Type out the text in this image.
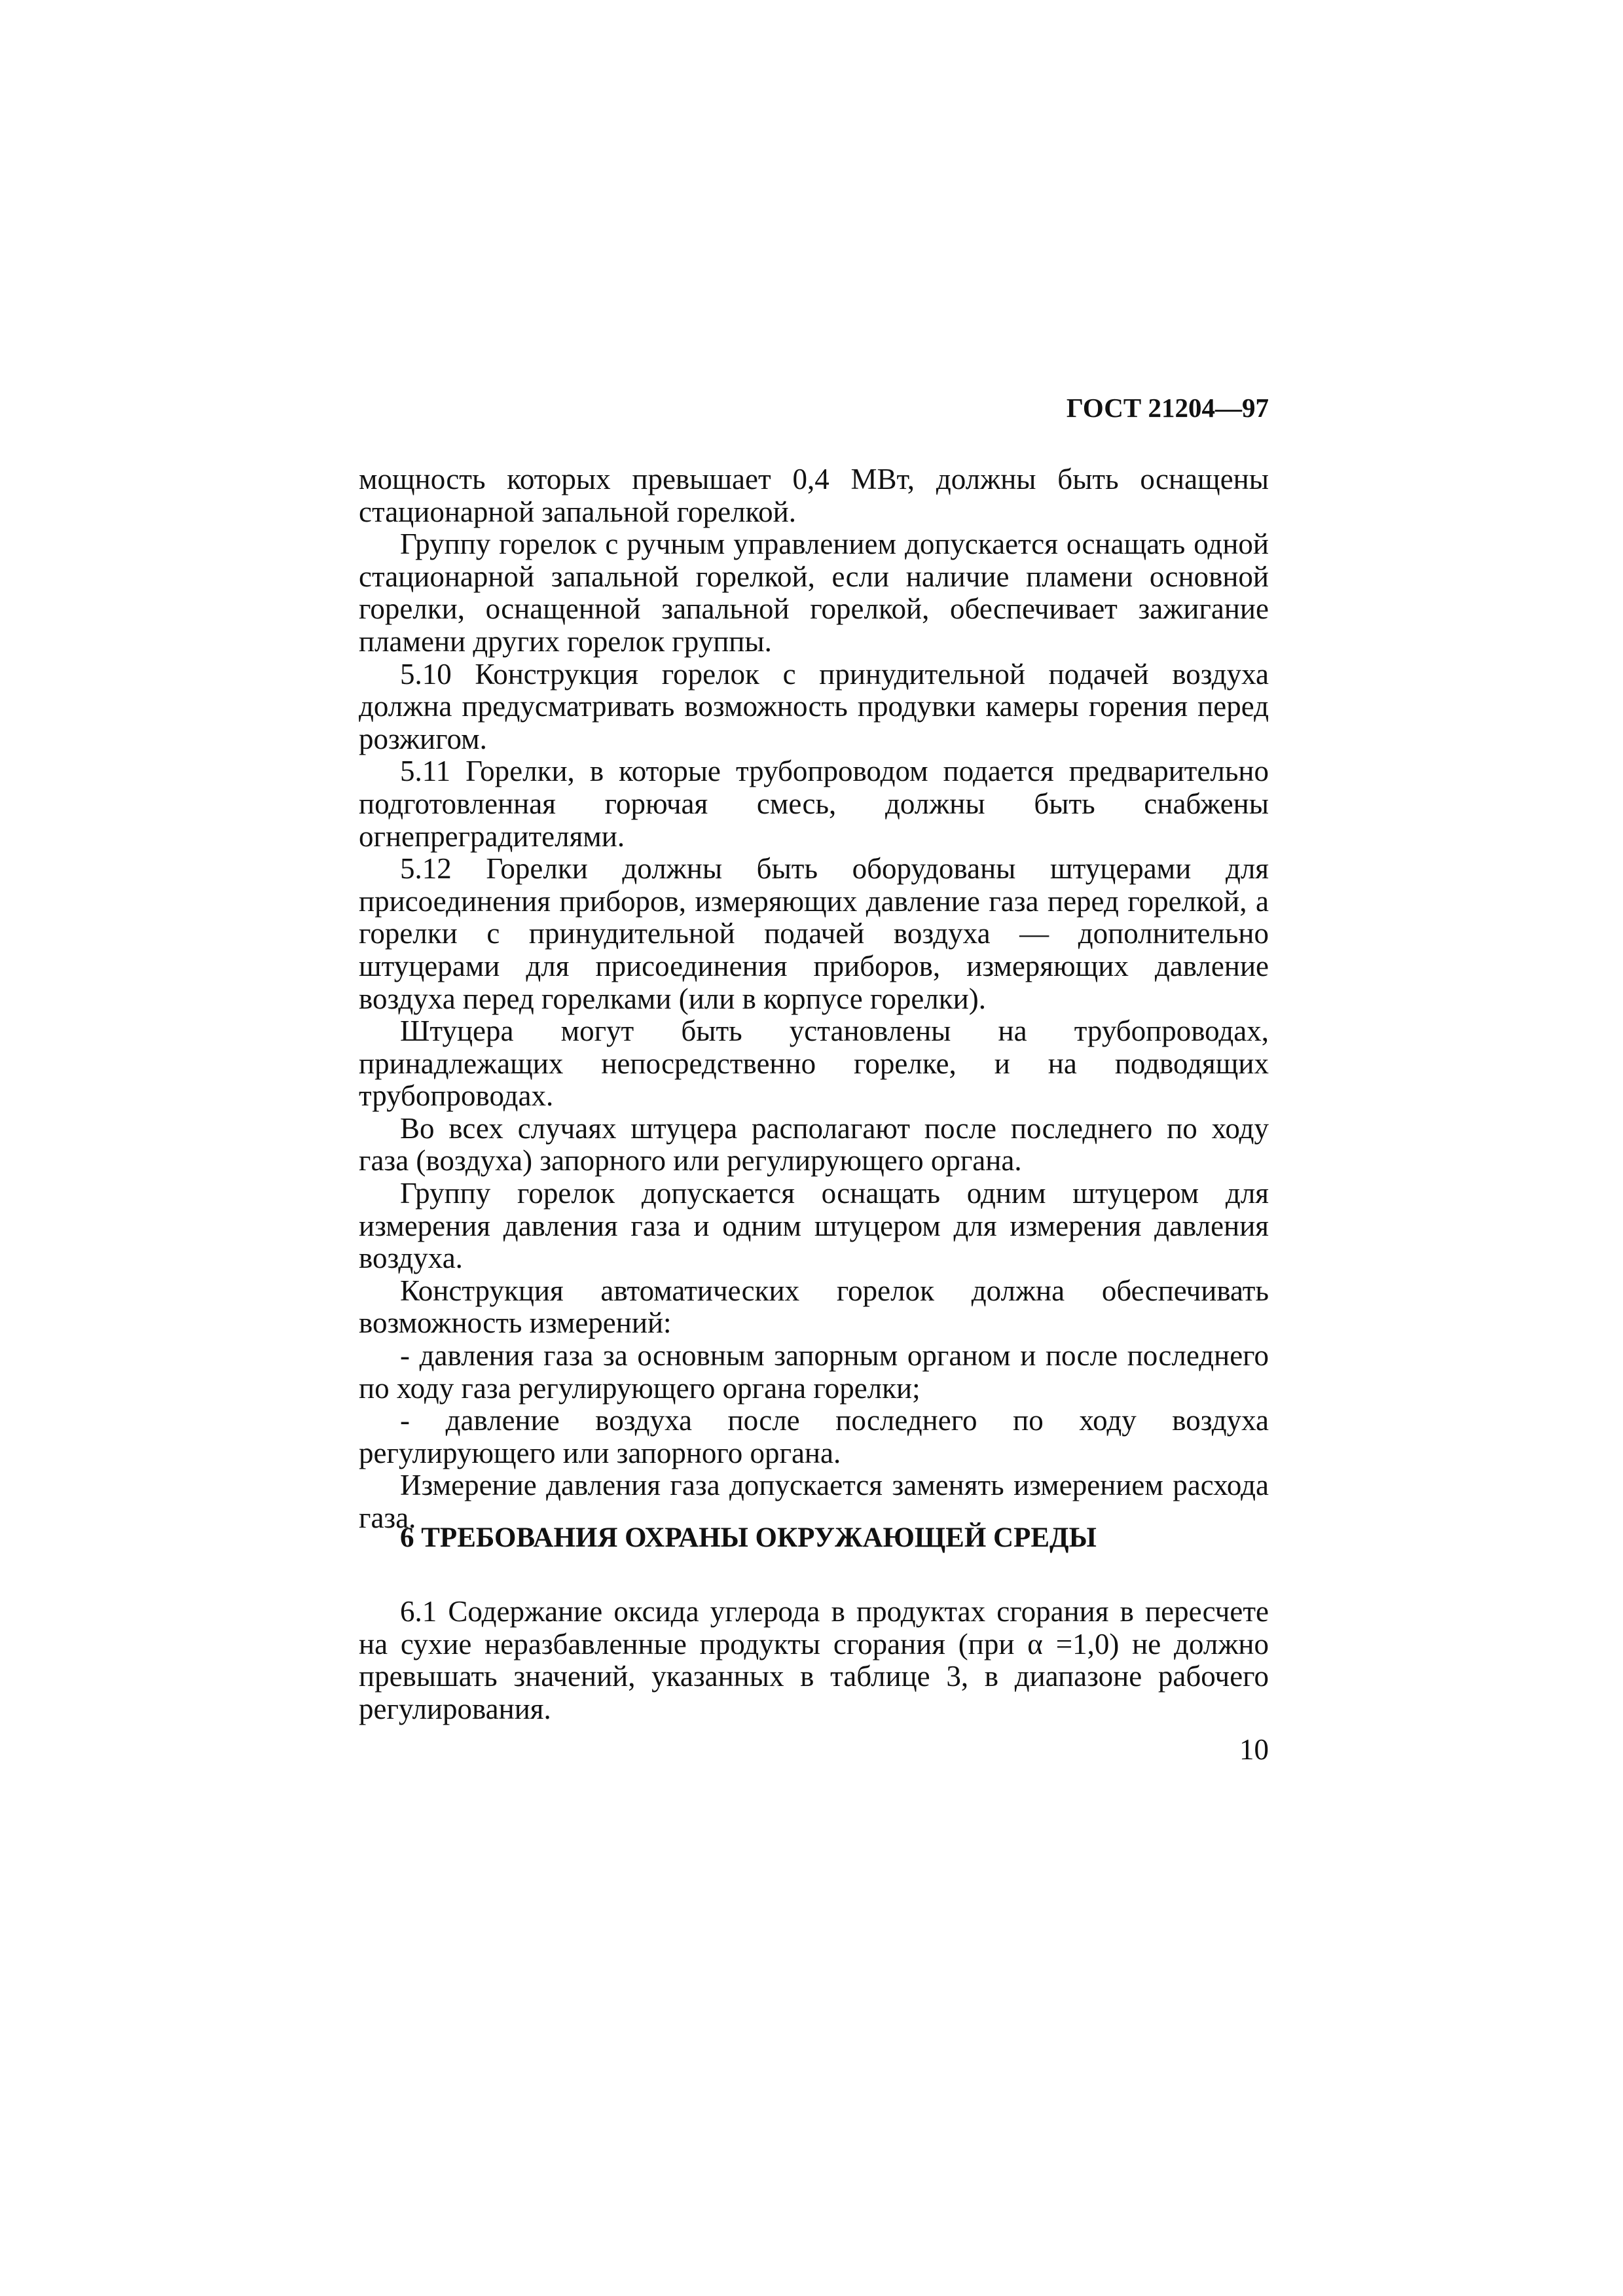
ГОСТ 21204—97

мощность которых превышает 0,4 МВт, должны быть оснащены стационарной запальной горелкой.

Группу горелок с ручным управлением допускается оснащать одной стационарной запальной горелкой, если наличие пламени основной горелки, оснащенной запальной горелкой, обеспечивает зажигание пламени других горелок группы.

5.10 Конструкция горелок с принудительной подачей воздуха должна предусматривать возможность продувки камеры горения перед розжигом.

5.11 Горелки, в которые трубопроводом подается предварительно подготовленная горючая смесь, должны быть снабжены огнепреградителями.

5.12 Горелки должны быть оборудованы штуцерами для присоединения приборов, измеряющих давление газа перед горелкой, а горелки с принудительной подачей воздуха — дополнительно штуцерами для присоединения приборов, измеряющих давление воздуха перед горелками (или в корпусе горелки).

Штуцера могут быть установлены на трубопроводах, принадлежащих непосредственно горелке, и на подводящих трубопроводах.

Во всех случаях штуцера располагают после последнего по ходу газа (воздуха) запорного или регулирующего органа.

Группу горелок допускается оснащать одним штуцером для измерения давления газа и одним штуцером для измерения давления воздуха.

Конструкция автоматических горелок должна обеспечивать возможность измерений:

- давления газа за основным запорным органом и после последнего по ходу газа регулирующего органа горелки;

- давление воздуха после последнего по ходу воздуха регулирующего или запорного органа.

Измерение давления газа допускается заменять измерением расхода газа.

6 ТРЕБОВАНИЯ ОХРАНЫ ОКРУЖАЮЩЕЙ СРЕДЫ

6.1 Содержание оксида углерода в продуктах сгорания в пересчете на сухие неразбавленные продукты сгорания (при α =1,0) не должно превышать значений, указанных в таблице 3, в диапазоне рабочего регулирования.

10
